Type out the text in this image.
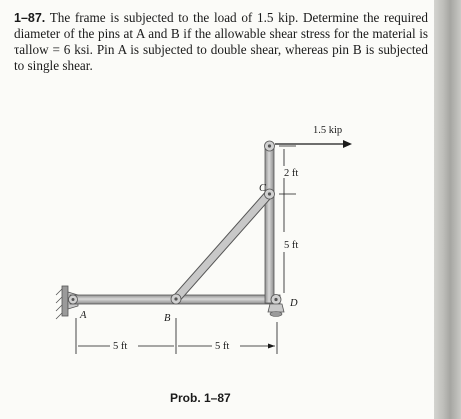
1–87. The frame is subjected to the load of 1.5 kip. Determine the required diameter of the pins at A and B if the allowable shear stress for the material is τallow = 6 ksi. Pin A is subjected to double shear, whereas pin B is subjected to single shear.

1.5 kip
2 ft
5 ft
5 ft	5 ft
A	B
C
D
Prob. 1–87
